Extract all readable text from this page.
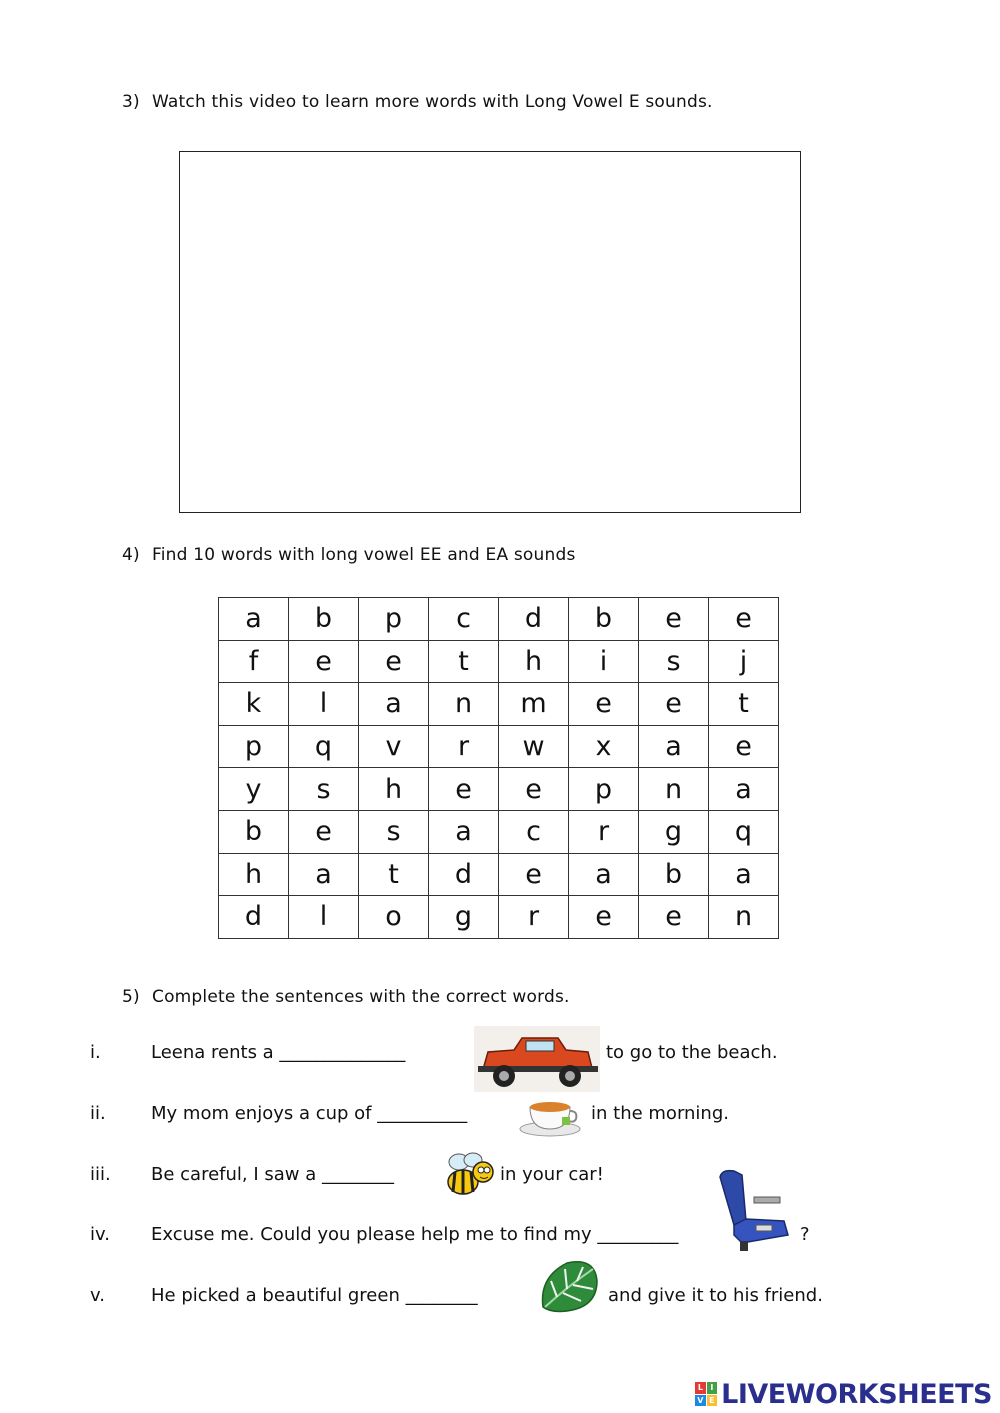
3) Watch this video to learn more words with Long Vowel E sounds.
4) Find 10 words with long vowel EE and EA sounds
a	b	p	c	d	b	e	e
f	e	e	t	h	i	s	j
k	l	a	n	m	e	e	t
p	q	v	r	w	x	a	e
y	s	h	e	e	p	n	a
b	e	s	a	c	r	g	q
h	a	t	d	e	a	b	a
d	l	o	g	r	e	e	n
5) Complete the sentences with the correct words.
i.	Leena rents a ______________	to go to the beach.
ii.	My mom enjoys a cup of __________	in the morning.
iii. Be careful, I saw a ________	in your car!
iv. Excuse me. Could you please help me to find my _________	?
v.	He picked a beautiful green ________	and give it to his friend.
L I
V E LIVEWORKSHEETS
